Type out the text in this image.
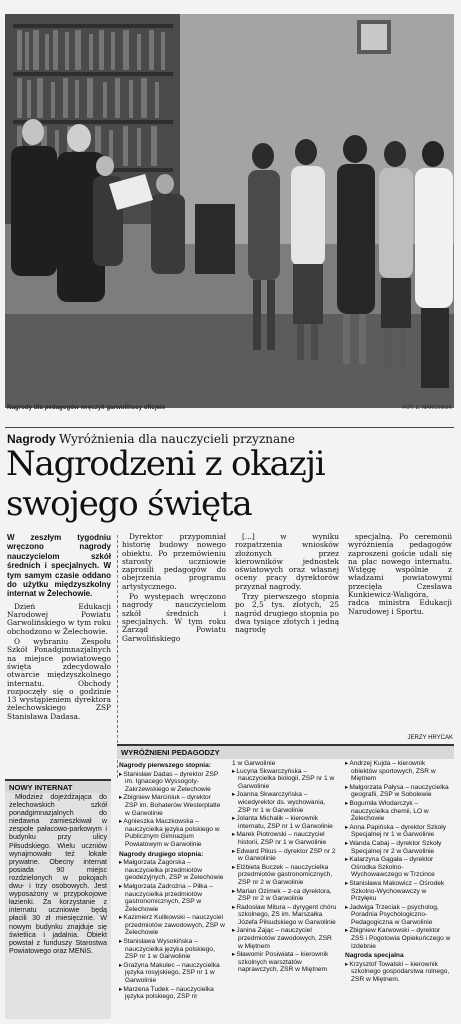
Nagrody dla pedagogów wręczyli garwolińscy oficjele	FOT. Z. MARCINIUK
Nagrody Wyróżnienia dla nauczycieli przyznane
Nagrodzeni z okazji
swojego święta
W zeszłym tygodniu wręczono nagrody nauczycielom szkół średnich i specjalnych. W tym samym czasie oddano do użytku międzyszkolny internat w Żelechowie.

Dzień Edukacji Narodowej Powiatu Garwolińskiego w tym roku obchodzono w Żelechowie.

O wybraniu Zespołu Szkół Ponadgimnazjalnych na miejsce powiatowego święta zdecydowało otwarcie międzyszkolnego internatu. Obchody rozpoczęły się o godzinie 13 wystąpieniem dyrektora żelechowskiego ZSP Stanisława Dadasa.

Dyrektor przypomniał historię budowy nowego obiektu. Po przemówieniu starosty uczniowie zaprosili pedagogów do obejrzenia programu artystycznego.

Po występach wręczono nagrody nauczycielom szkół średnich i specjalnych. W tym roku Zarząd Powiatu Garwolińskiego

[...] w wyniku rozpatrzenia wniosków złożonych przez kierowników jednostek oświatowych oraz własnej oceny pracy dyrektorów przyznał nagrody.

Trzy pierwszego stopnia po 2,5 tys. złotych, 25 nagród drugiego stopnia po dwa tysiące złotych i jedną nagrodę

specjalną. Po ceremonii wyróżnienia pedagogów zaproszeni goście udali się na plac nowego internatu. Wstęgę wspólnie z władzami powiatowymi przecięła Czesława Kunkiewicz-Waligóra, radca ministra Edukacji Narodowej i Sportu.

JERZY HRYCAK
NOWY INTERNAT

Młodzież dojeżdżająca do żelechowskich szkół ponadgimnazjalnych do niedawna zamieszkiwał w zespole pałacowo-parkowym i budynku przy ulicy Piłsudskiego. Wielu uczniów wynajmowało też lokale prywatne. Obecny internat posiada 90 miejsc rozdzielonych w pokojach dwu- i trzy osobowych. Jest wyposażony w przypokojowe łazienki. Za korzystanie z internatu uczniowie będą płacili 30 zł miesięcznie. W nowym budynku znajduje się świetlica i jadalnia. Obiekt powstał z funduszy Starostwa Powiatowego oraz MENiS.

WYRÓŻNIENI PEDAGODZY
Nagrody pierwszego stopnia:
▸ Stanisław Dadas – dyrektor ZSP im. Ignacego Wyssogoty-Zakrzewskiego w Żelechowie
▸ Zbigniew Marciniuk – dyrektor ZSP im. Bohaterów Westerplatte w Garwolinie
▸ Agnieszka Maczkowska – nauczycielka języka polskiego w Publicznym Gimnazjum Powiatowym w Garwolinie
Nagrody drugiego stopnia:
▸ Małgorzata Zagórska – nauczycielka przedmiotów geodezyjnych, ZSP w Żelechowie
▸ Małgorzata Zadrożna – Piłka – nauczycielka przedmiotów gastronomicznych, ZSP w Żelechowie
▸ Kazimierz Kulikowski – nauczyciel przedmiotów zawodowych, ZSP w Żelechowie
▸ Stanisława Wysokińska – nauczycielka języka polskiego, ZSP nr 1 w Garwolinie
▸ Grażyna Makulec – nauczycielka języka rosyjskiego, ZSP nr 1 w Garwolinie
▸ Marzena Tudek – nauczycielka języka polskiego, ZSP nr
1 w Garwolinie
▸ Lucyna Skwarczyńska – nauczycielka biologii, ZSP nr 1 w Garwolinie
▸ Joanna Skwarczyńska – wicedyrektor ds. wychowania, ZSP nr 1 w Garwolinie
▸ Jolanta Michalik – kierownik internatu, ZSP nr 1 w Garwolinie
▸ Marek Piotrowski – nauczyciel historii, ZSP nr 1 w Garwolinie
▸ Edward Pikus – dyrektor ZSP nr 2 w Garwolinie
▸ Elżbieta Buczek – nauczycielka przedmiotów gastronomicznych, ZSP nr 2 w Garwolinie
▸ Marian Ozimek – z-ca dyrektora, ZSP nr 2 w Garwolinie
▸ Radosław Mitura – dyrygent chóru szkolnego, ZS im. Marszałka Józefa Piłsudskiego w Garwolinie
▸ Janina Zając – nauczyciel przedmiotów zawodowych, ZSR w Miętnem
▸ Sławomir Posiwiata – kierownik szkolnych warsztatów naprawczych, ZSR w Miętnem
▸ Andrzej Kujda – kierownik obiektów sportowych, ZSR w Miętnem
▸ Małgorzata Pałysa – nauczycielka geografii, ZSP w Sobolewie
▸ Bogumiła Włodarczyk – nauczycielka chemii, LO w Żelechowie
▸ Anna Papińska – dyrektor Szkoły Specjalnej nr 1 w Garwolinie
▸ Wanda Cabaj – dyrektor Szkoły Specjalnej nr 2 w Garwolinie
▸ Katarzyna Gągała – dyrektor Ośrodka Szkolno-Wychowawczego w Trzcince
▸ Stanisława Makowicz – Ośrodek Szkolno-Wychowawczy w Przyłęku
▸ Jadwiga Trzeciak – psycholog, Poradnia Psychologiczno-Pedagogiczna w Garwolinie
▸ Zbigniew Karwowski – dyrektor ZSS i Pogotowia Opiekuńczego w Izdebnie
Nagroda specjalna
▸ Krzysztof Towalski – kierownik szkolnego gospodarstwa rolnego, ZSR w Miętnem.
